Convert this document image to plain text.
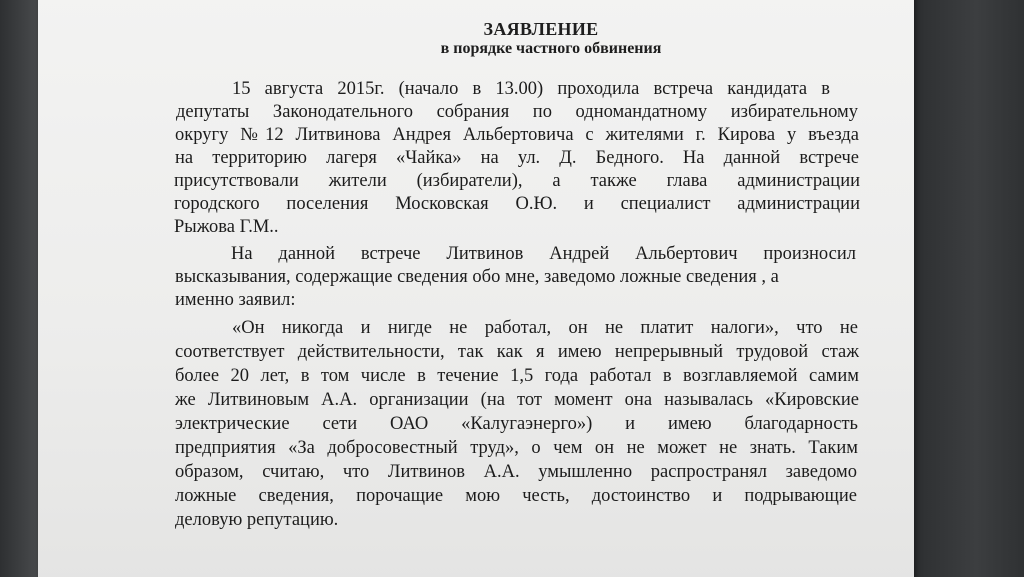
ЗАЯВЛЕНИЕ
в порядке частного обвинения
15 августа 2015г. (начало в 13.00) проходила встреча кандидата в
депутаты Законодательного собрания по одномандатному избирательному
округу №12 Литвинова Андрея Альбертовича с жителями г. Кирова у въезда
на территорию лагеря «Чайка» на ул. Д. Бедного. На данной встрече
присутствовали жители (избиратели), а также глава администрации
городского поселения Московская О.Ю. и специалист администрации
Рыжова Г.М..
На данной встрече Литвинов Андрей Альбертович произносил
высказывания, содержащие сведения обо мне, заведомо ложные сведения , а
именно заявил:
«Он никогда и нигде не работал, он не платит налоги», что не
соответствует действительности, так как я имею непрерывный трудовой стаж
более 20 лет, в том числе в течение 1,5 года работал в возглавляемой самим
же Литвиновым А.А. организации (на тот момент она называлась «Кировские
электрические сети ОАО «Калугаэнерго») и имею благодарность
предприятия «За добросовестный труд», о чем он не может не знать. Таким
образом, считаю, что Литвинов А.А. умышленно распространял заведомо
ложные сведения, порочащие мою честь, достоинство и подрывающие
деловую репутацию.
